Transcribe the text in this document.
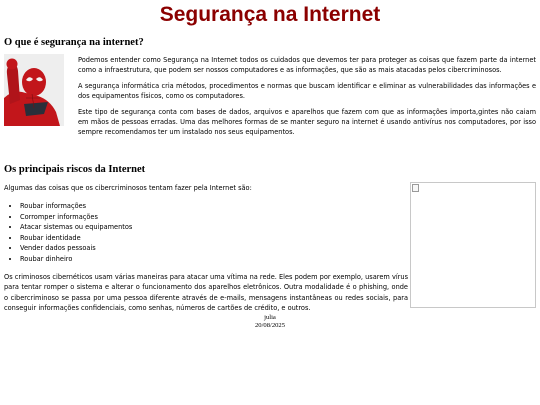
Segurança na Internet
O que é segurança na internet?

Podemos entender como Segurança na Internet todos os cuidados que devemos ter para proteger as coisas que fazem parte da internet como a infraestrutura, que podem ser nossos computadores e as informações, que são as mais atacadas pelos cibercriminosos.

A segurança informática cria métodos, procedimentos e normas que buscam identificar e eliminar as vulnerabilidades das informações e dos equipamentos físicos, como os computadores.

Este tipo de segurança conta com bases de dados, arquivos e aparelhos que fazem com que as informações importa,gintes não caiam em mãos de pessoas erradas. Uma das melhores formas de se manter seguro na internet é usando antivírus nos computadores, por isso sempre recomendamos ter um instalado nos seus equipamentos.

Os principais riscos da Internet

Algumas das coisas que os cibercriminosos tentam fazer pela Internet são:

• Roubar informações
• Corromper informações
• Atacar sistemas ou equipamentos
• Roubar identidade
• Vender dados pessoais
• Roubar dinheiro

Os criminosos cibernéticos usam várias maneiras para atacar uma vítima na rede. Eles podem por exemplo, usarem vírus para tentar romper o sistema e alterar o funcionamento dos aparelhos eletrônicos. Outra modalidade é o phishing, onde o cibercriminoso se passa por uma pessoa diferente através de e-mails, mensagens instantâneas ou redes sociais, para conseguir informações confidenciais, como senhas, números de cartões de crédito, e outros.

julia
20/08/2025
